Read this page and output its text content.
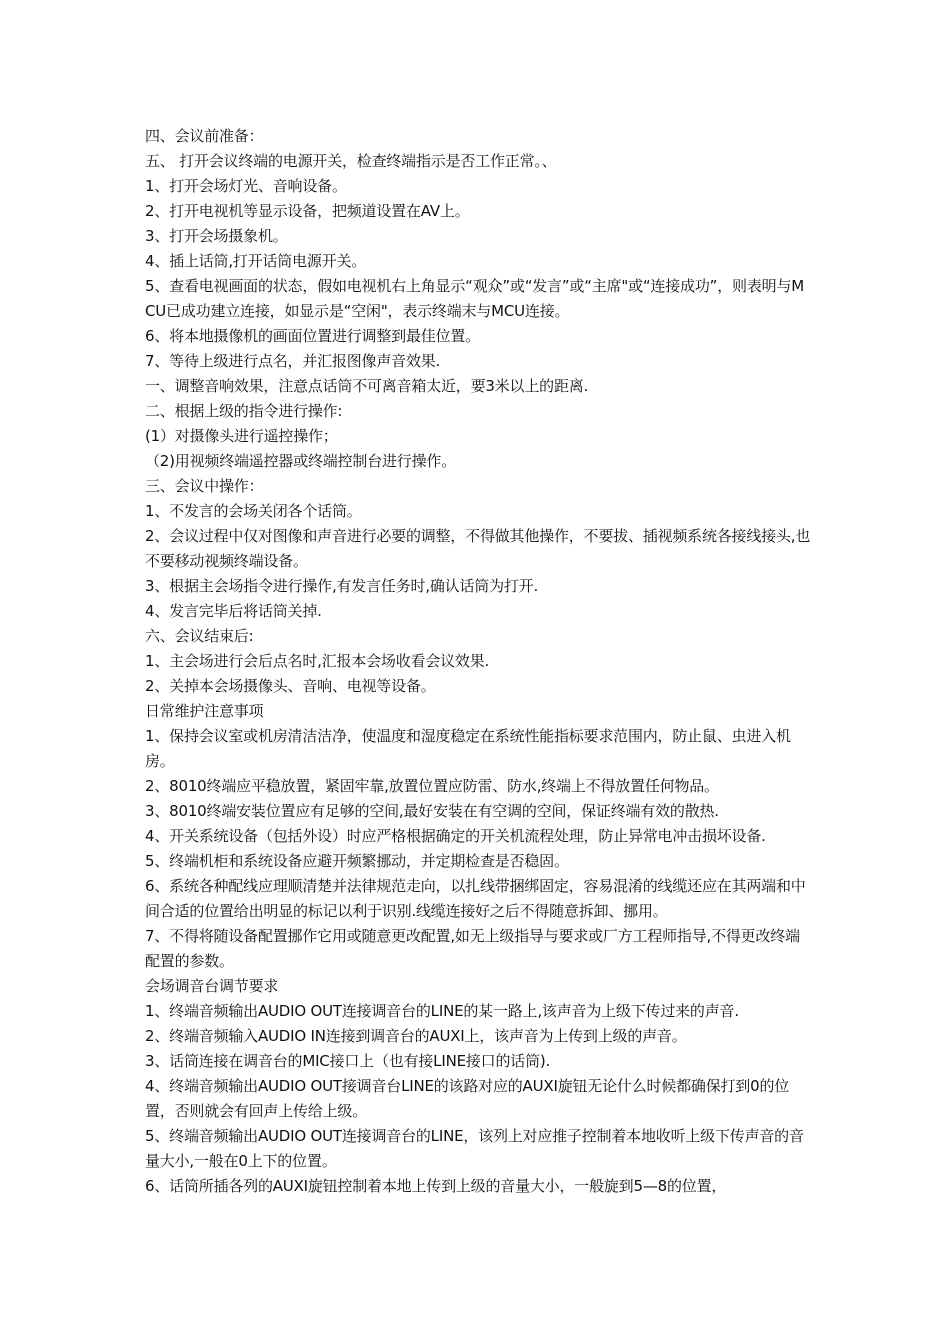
四、会议前准备：

五、 打开会议终端的电源开关，检查终端指示是否工作正常。、

1、打开会场灯光、音响设备。

2、打开电视机等显示设备，把频道设置在AV上。

3、打开会场摄象机。

4、插上话筒,打开话筒电源开关。

5、查看电视画面的状态，假如电视机右上角显示“观众”或“发言”或“主席"或“连接成功”，则表明与MCU已成功建立连接，如显示是“空闲"，表示终端末与MCU连接。

6、将本地摄像机的画面位置进行调整到最佳位置。

7、等待上级进行点名，并汇报图像声音效果.

一、调整音响效果，注意点话筒不可离音箱太近，要3米以上的距离.

二、根据上级的指令进行操作:

(1）对摄像头进行遥控操作；

（2)用视频终端遥控器或终端控制台进行操作。

三、会议中操作：

1、不发言的会场关闭各个话筒。

2、会议过程中仅对图像和声音进行必要的调整，不得做其他操作，不要拔、插视频系统各接线接头,也不要移动视频终端设备。

3、根据主会场指令进行操作,有发言任务时,确认话筒为打开.

4、发言完毕后将话筒关掉.

六、会议结束后:

1、主会场进行会后点名时,汇报本会场收看会议效果.

2、关掉本会场摄像头、音响、电视等设备。

日常维护注意事项

1、保持会议室或机房清洁洁净，使温度和湿度稳定在系统性能指标要求范围内，防止鼠、虫进入机房。

2、8010终端应平稳放置，紧固牢靠,放置位置应防雷、防水,终端上不得放置任何物品。

3、8010终端安装位置应有足够的空间,最好安装在有空调的空间，保证终端有效的散热.

4、开关系统设备（包括外设）时应严格根据确定的开关机流程处理，防止异常电冲击损坏设备.

5、终端机柜和系统设备应避开频繁挪动，并定期检查是否稳固。

6、系统各种配线应理顺清楚并法律规范走向，以扎线带捆绑固定，容易混淆的线缆还应在其两端和中间合适的位置给出明显的标记以利于识别.线缆连接好之后不得随意拆卸、挪用。

7、不得将随设备配置挪作它用或随意更改配置,如无上级指导与要求或厂方工程师指导,不得更改终端配置的参数。

会场调音台调节要求

1、终端音频输出AUDIO OUT连接调音台的LINE的某一路上,该声音为上级下传过来的声音.

2、终端音频输入AUDIO IN连接到调音台的AUXI上，该声音为上传到上级的声音。

3、话筒连接在调音台的MIC接口上（也有接LINE接口的话筒).

4、终端音频输出AUDIO OUT接调音台LINE的该路对应的AUXI旋钮无论什么时候都确保打到0的位置，否则就会有回声上传给上级。

5、终端音频输出AUDIO OUT连接调音台的LINE，该列上对应推子控制着本地收听上级下传声音的音量大小,一般在0上下的位置。

6、话筒所插各列的AUXI旋钮控制着本地上传到上级的音量大小，一般旋到5—8的位置，
